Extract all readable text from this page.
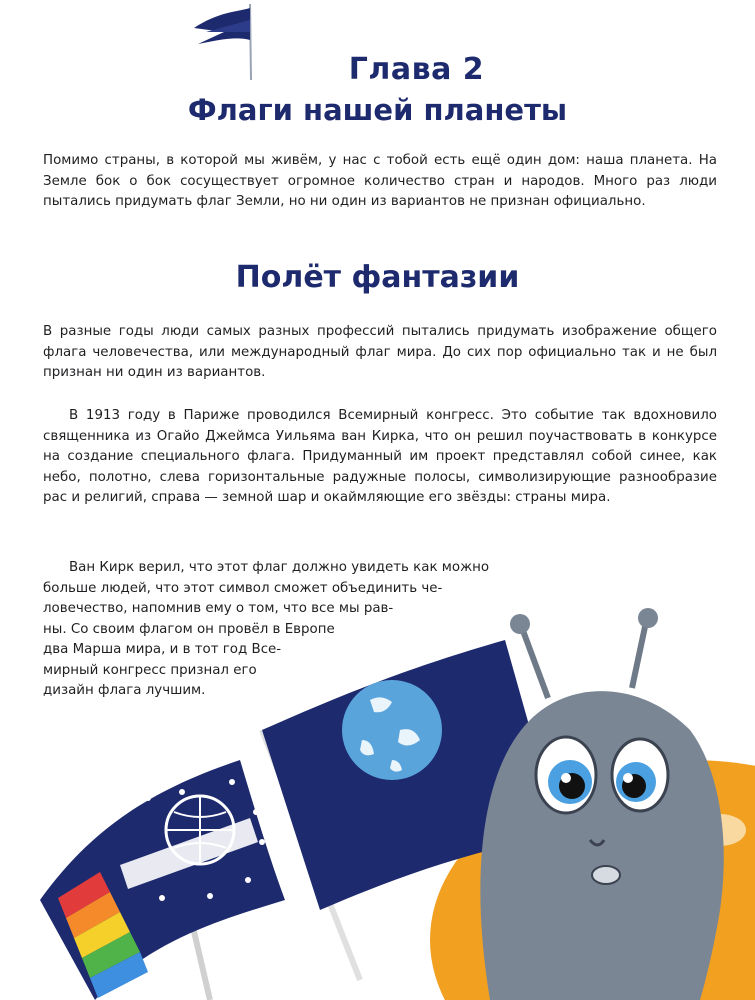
Глава 2
Флаги нашей планеты
Помимо страны, в которой мы живём, у нас с тобой есть ещё один дом: наша планета. На Земле бок о бок сосуществует огромное количество стран и народов. Много раз люди пытались придумать флаг Земли, но ни один из вариантов не признан официально.
Полёт фантазии
В разные годы люди самых разных профессий пытались придумать изображение общего флага человечества, или международный флаг мира. До сих пор официально так и не был признан ни один из вариантов.
В 1913 году в Париже проводился Всемирный конгресс. Это событие так вдохновило священника из Огайо Джеймса Уильяма ван Кирка, что он решил поучаствовать в конкурсе на создание специального флага. Придуманный им проект представлял собой синее, как небо, полотно, слева горизонтальные радужные полосы, символизирующие разнообразие рас и религий, справа — земной шар и окаймляющие его звёзды: страны мира.
Ван Кирк верил, что этот флаг должно увидеть как можно
больше людей, что этот символ сможет объединить че-
ловечество, напомнив ему о том, что все мы рав-
ны. Со своим флагом он провёл в Европе
два Марша мира, и в тот год Все-
мирный конгресс признал его
дизайн флага лучшим.
